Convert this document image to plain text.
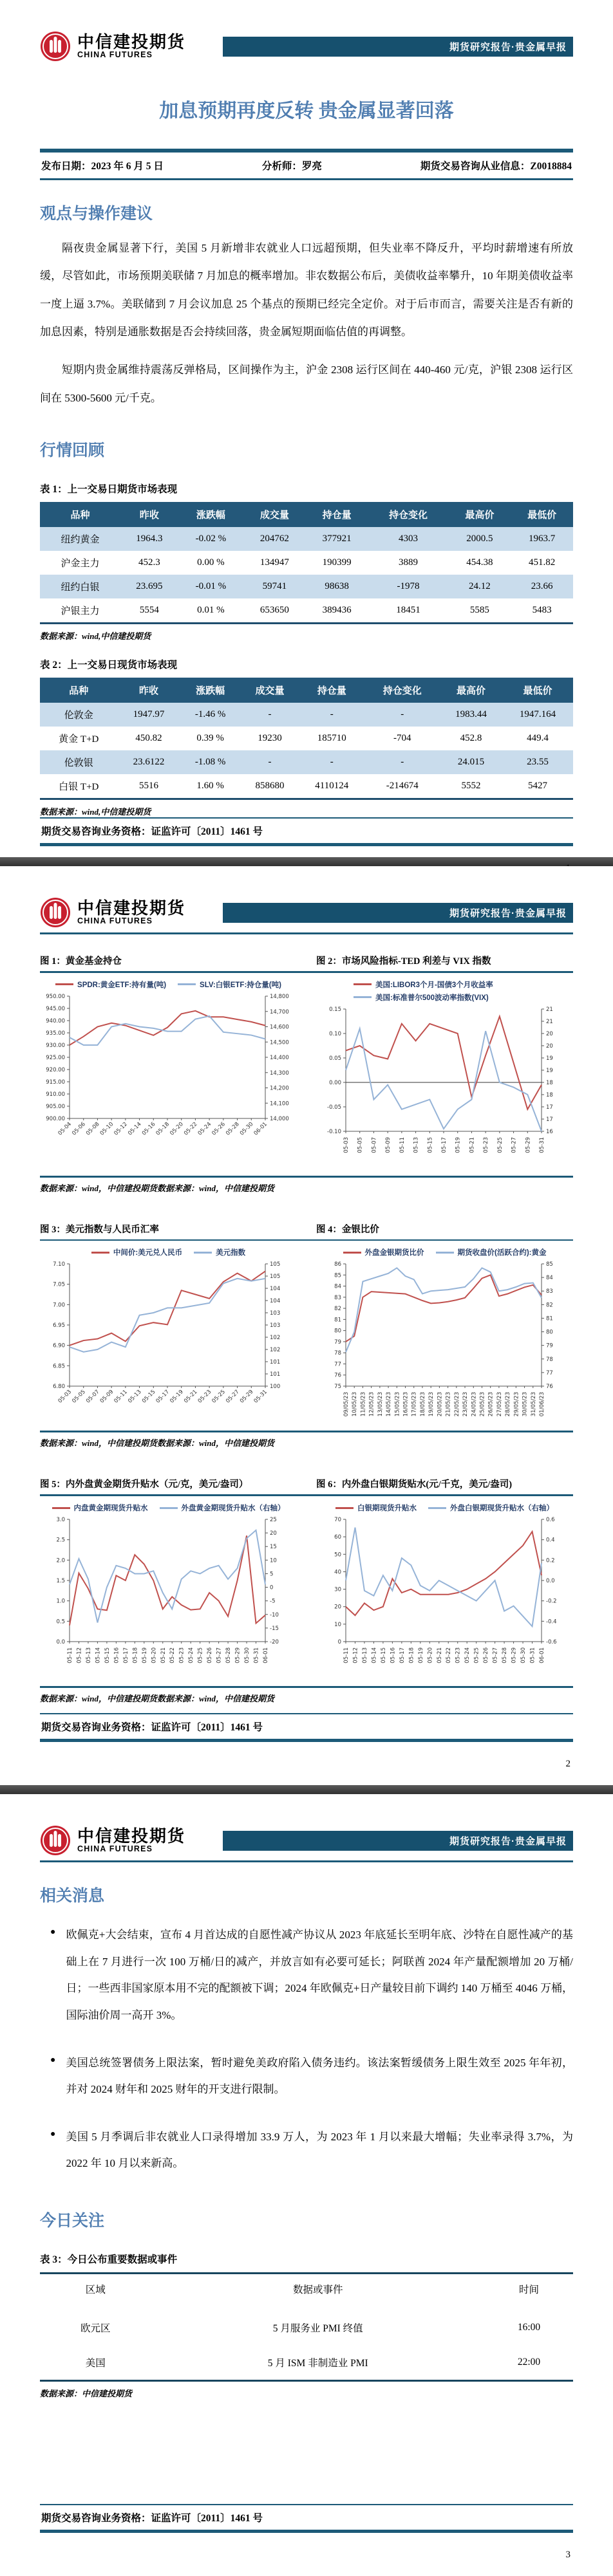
中信建投期货
CHINA FUTURES
期货研究报告·贵金属早报
加息预期再度反转 贵金属显著回落
发布日期：2023 年 6 月 5 日	分析师：罗亮	期货交易咨询从业信息：Z0018884
观点与操作建议

隔夜贵金属显著下行，美国 5 月新增非农就业人口远超预期，但失业率不降反升，平均时薪增速有所放缓，尽管如此，市场预期美联储 7 月加息的概率增加。非农数据公布后，美债收益率攀升，10 年期美债收益率一度上逼 3.7%。美联储到 7 月会议加息 25 个基点的预期已经完全定价。对于后市而言，需要关注是否有新的加息因素，特别是通胀数据是否会持续回落，贵金属短期面临估值的再调整。

短期内贵金属维持震荡反弹格局，区间操作为主，沪金 2308 运行区间在 440-460 元/克，沪银 2308 运行区间在 5300-5600 元/千克。

行情回顾
表 1：上一交易日期货市场表现
品种	昨收	涨跌幅	成交量	持仓量	持仓变化	最高价	最低价
纽约黄金	1964.3	-0.02 %	204762	377921	4303	2000.5	1963.7
沪金主力	452.3	0.00 %	134947	190399	3889	454.38	451.82
纽约白银	23.695	-0.01 %	59741	98638	-1978	24.12	23.66
沪银主力	5554	0.01 %	653650	389436	18451	5585	5483
数据来源：wind,中信建投期货
表 2：上一交易日现货市场表现
品种	昨收	涨跌幅	成交量	持仓量	持仓变化	最高价	最低价
伦敦金	1947.97	-1.46 %	-	-	-	1983.44	1947.164
黄金 T+D	450.82	0.39 %	19230	185710	-704	452.8	449.4
伦敦银	23.6122	-1.08 %	-	-	-	24.015	23.55
白银 T+D	5516	1.60 %	858680	4110124	-214674	5552	5427
数据来源：wind,中信建投期货
期货交易咨询业务资格：证监许可〔2011〕1461 号
中信建投期货
CHINA FUTURES
期货研究报告·贵金属早报
图 1：黄金基金持仓	图 2：市场风险指标-TED 利差与 VIX 指数
SPDR:黄金ETF:持有量(吨)	SLV:白银ETF:持仓量(吨)
900.00
905.00
910.00
915.00
920.00
925.00
930.00
935.00
940.00
945.00
950.00
14,000
14,100
14,200
14,300
14,400
14,500
14,600
14,700
14,800
05-04
05-06
05-08
05-10
05-12
05-14
05-16
05-18
05-20
05-22
05-24
05-26
05-28
05-30
06-01
美国:LIBOR3个月-国债3个月收益率
美国:标准普尔500波动率指数(VIX)
-0.10
-0.05
0.00
0.05
0.10
0.15
16
17
17
18
18
19
19
20
20
21
21
05-03 05-05 05-07 05-09 05-11 05-13 05-15 05-17 05-19 05-21 05-23 05-25 05-27 05-29 05-31
数据来源：wind，中信建投期货数据来源：wind，中信建投期货
图 3：美元指数与人民币汇率	图 4：金银比价
中间价:美元兑人民币	美元指数
6.80
6.85
6.90
6.95
7.00
7.05
7.10
100
101
101
102
102
103
103
104
104
105
105
05-03
05-05
05-07
05-09
05-11
05-13
05-15
05-17
05-19
05-21
05-23
05-25
05-27
05-29
05-31
外盘金银期货比价	期货收盘价(活跃合约):黄金
75
76
77
78
79
80
81
82
83
84
85
86
76
77
78
79
80
81
82
83
84
85
09/05/23 10/05/23 11/05/23 12/05/23 13/05/23 14/05/23 15/05/23 16/05/23 17/05/23 18/05/23 19/05/23 20/05/23 21/05/23 22/05/23 23/05/23 24/05/23 25/05/23 26/05/23 27/05/23 28/05/23 29/05/23 30/05/23 31/05/23 01/06/23
数据来源：wind，中信建投期货数据来源：wind，中信建投期货
图 5：内外盘黄金期货升贴水（元/克，美元/盎司）	图 6：内外盘白银期货贴水(元/千克，美元/盎司)
内盘黄金期现货升贴水	外盘黄金期现货升贴水（右轴）
0.0
0.5
1.0
1.5
2.0
2.5
3.0
-20
-15
-10
-5
0
5
10
15
20
25
05-11 05-12 05-13 05-14 05-15 05-16 05-17 05-18 05-19 05-20 05-21 05-22 05-23 05-24 05-25 05-26 05-27 05-28 05-29 05-30 05-31 06-01
白银期现货升贴水	外盘白银期现货升贴水（右轴）
0
10
20
30
40
50
60
70
-0.6
-0.4
-0.2
0.0
0.2
0.4
0.6
05-11 05-12 05-13 05-14 05-15 05-16 05-17 05-18 05-19 05-20 05-21 05-22 05-23 05-24 05-25 05-26 05-27 05-28 05-29 05-30 05-31 06-01
数据来源：wind，中信建投期货数据来源：wind，中信建投期货
期货交易咨询业务资格：证监许可〔2011〕1461 号
2
中信建投期货
CHINA FUTURES
期货研究报告·贵金属早报
相关消息
● 欧佩克+大会结束，宣布 4 月首达成的自愿性减产协议从 2023 年底延长至明年底、沙特在自愿性减产的基础上在 7 月进行一次 100 万桶/日的减产，并放言如有必要可延长；阿联酋 2024 年产量配额增加 20 万桶/日；一些西非国家原本用不完的配额被下调；2024 年欧佩克+日产量较目前下调约 140 万桶至 4046 万桶，国际油价周一高开 3%。

● 美国总统签署债务上限法案，暂时避免美政府陷入债务违约。该法案暂缓债务上限生效至 2025 年年初，并对 2024 财年和 2025 财年的开支进行限制。

● 美国 5 月季调后非农就业人口录得增加 33.9 万人，为 2023 年 1 月以来最大增幅；失业率录得 3.7%，为 2022 年 10 月以来新高。

今日关注
表 3：今日公布重要数据或事件
区域	数据或事件	时间
欧元区	5 月服务业 PMI 终值	16:00
美国	5 月 ISM 非制造业 PMI	22:00
数据来源：中信建投期货
期货交易咨询业务资格：证监许可〔2011〕1461 号
3
